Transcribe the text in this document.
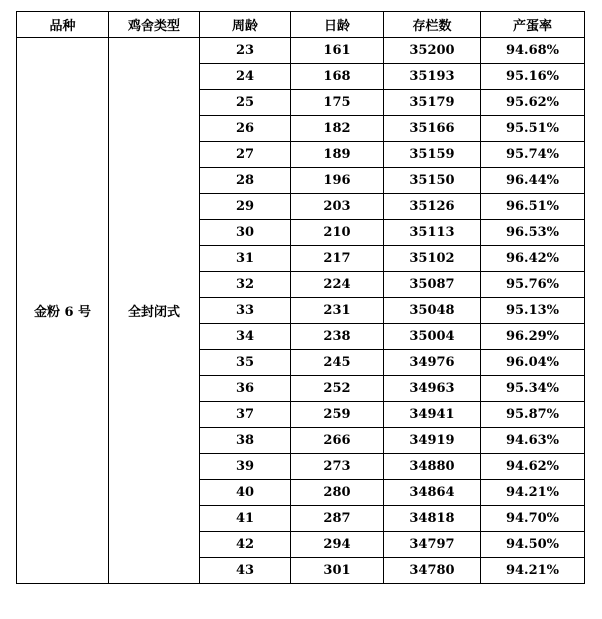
品种	鸡舍类型	周龄	日龄	存栏数	产蛋率
金粉 6 号	全封闭式	23	161	35200	94.68%
		24	168	35193	95.16%
		25	175	35179	95.62%
		26	182	35166	95.51%
		27	189	35159	95.74%
		28	196	35150	96.44%
		29	203	35126	96.51%
		30	210	35113	96.53%
		31	217	35102	96.42%
		32	224	35087	95.76%
		33	231	35048	95.13%
		34	238	35004	96.29%
		35	245	34976	96.04%
		36	252	34963	95.34%
		37	259	34941	95.87%
		38	266	34919	94.63%
		39	273	34880	94.62%
		40	280	34864	94.21%
		41	287	34818	94.70%
		42	294	34797	94.50%
		43	301	34780	94.21%
